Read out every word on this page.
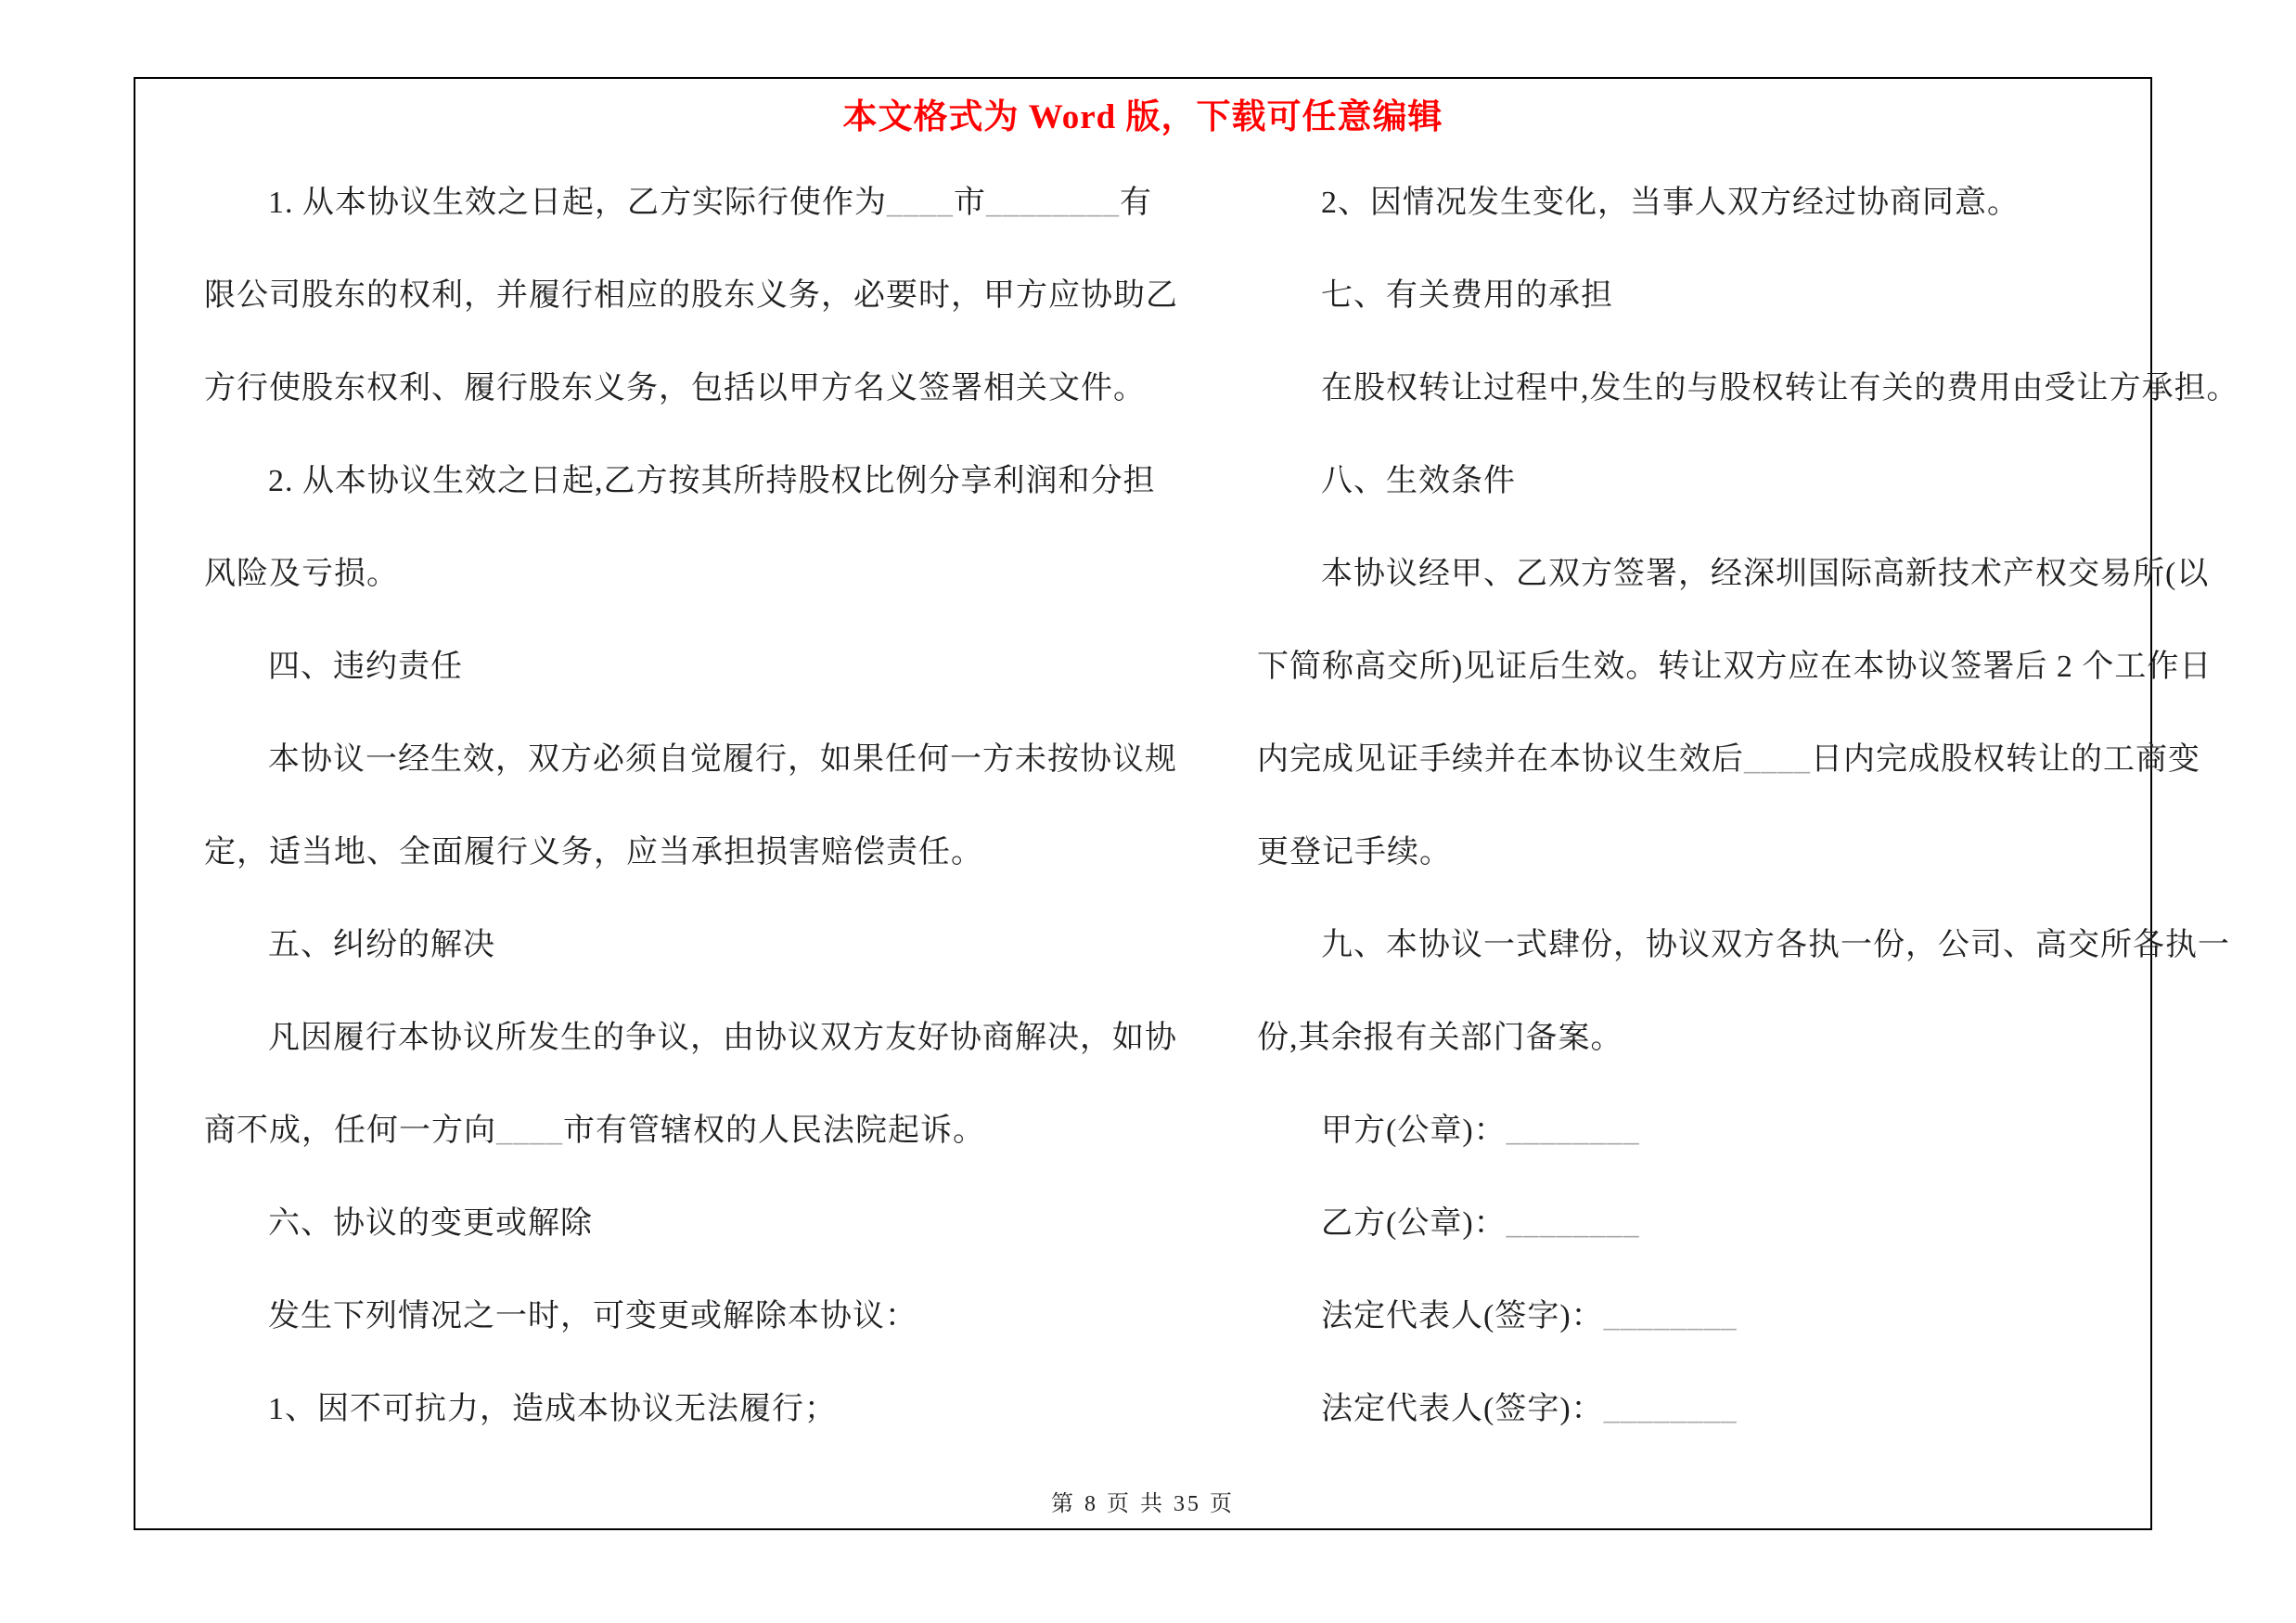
本文格式为 Word 版，下载可任意编辑
1. 从本协议生效之日起，乙方实际行使作为____市________有
限公司股东的权利，并履行相应的股东义务，必要时，甲方应协助乙
方行使股东权利、履行股东义务，包括以甲方名义签署相关文件。
2. 从本协议生效之日起,乙方按其所持股权比例分享利润和分担
风险及亏损。
四、违约责任
本协议一经生效，双方必须自觉履行，如果任何一方未按协议规
定，适当地、全面履行义务，应当承担损害赔偿责任。
五、纠纷的解决
凡因履行本协议所发生的争议，由协议双方友好协商解决，如协
商不成，任何一方向____市有管辖权的人民法院起诉。
六、协议的变更或解除
发生下列情况之一时，可变更或解除本协议：
1、因不可抗力，造成本协议无法履行；
2、因情况发生变化，当事人双方经过协商同意。
七、有关费用的承担
在股权转让过程中,发生的与股权转让有关的费用由受让方承担。
八、生效条件
本协议经甲、乙双方签署，经深圳国际高新技术产权交易所(以
下简称高交所)见证后生效。转让双方应在本协议签署后 2 个工作日
内完成见证手续并在本协议生效后____日内完成股权转让的工商变
更登记手续。
九、本协议一式肆份，协议双方各执一份，公司、高交所各执一
份,其余报有关部门备案。
甲方(公章)：________
乙方(公章)：________
法定代表人(签字)：________
法定代表人(签字)：________
第 8 页 共 35 页
